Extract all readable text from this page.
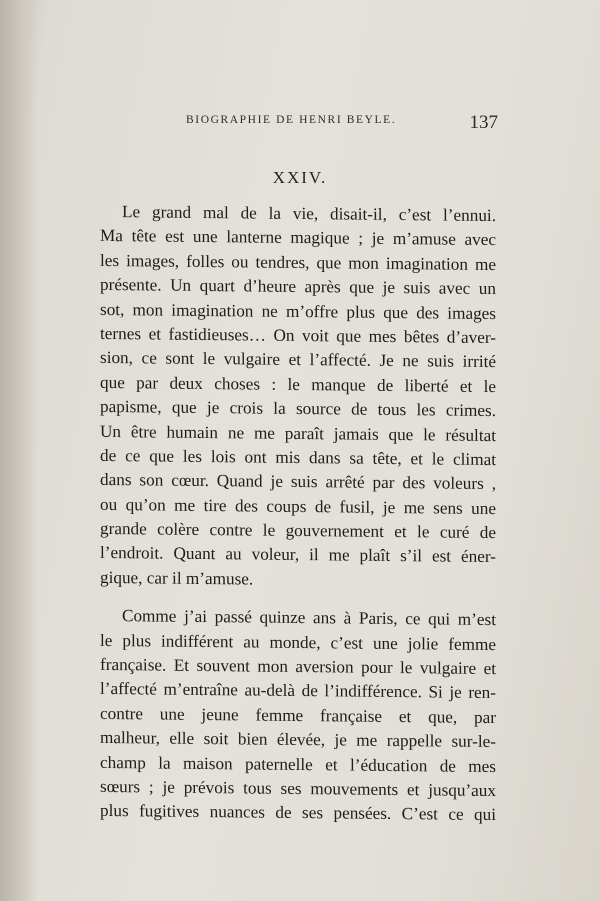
BIOGRAPHIE DE HENRI BEYLE.	137
XXIV.
Le grand mal de la vie, disait-il, c’est l’ennui.
Ma tête est une lanterne magique ; je m’amuse avec
les images, folles ou tendres, que mon imagination me
présente. Un quart d’heure après que je suis avec un
sot, mon imagination ne m’offre plus que des images
ternes et fastidieuses… On voit que mes bêtes d’aver-
sion, ce sont le vulgaire et l’affecté. Je ne suis irrité
que par deux choses : le manque de liberté et le
papisme, que je crois la source de tous les crimes.
Un être humain ne me paraît jamais que le résultat
de ce que les lois ont mis dans sa tête, et le climat
dans son cœur. Quand je suis arrêté par des voleurs ,
ou qu’on me tire des coups de fusil, je me sens une
grande colère contre le gouvernement et le curé de
l’endroit. Quant au voleur, il me plaît s’il est éner-
gique, car il m’amuse.
Comme j’ai passé quinze ans à Paris, ce qui m’est
le plus indifférent au monde, c’est une jolie femme
française. Et souvent mon aversion pour le vulgaire et
l’affecté m’entraîne au-delà de l’indifférence. Si je ren-
contre une jeune femme française et que, par
malheur, elle soit bien élevée, je me rappelle sur-le-
champ la maison paternelle et l’éducation de mes
sœurs ; je prévois tous ses mouvements et jusqu’aux
plus fugitives nuances de ses pensées. C’est ce qui
